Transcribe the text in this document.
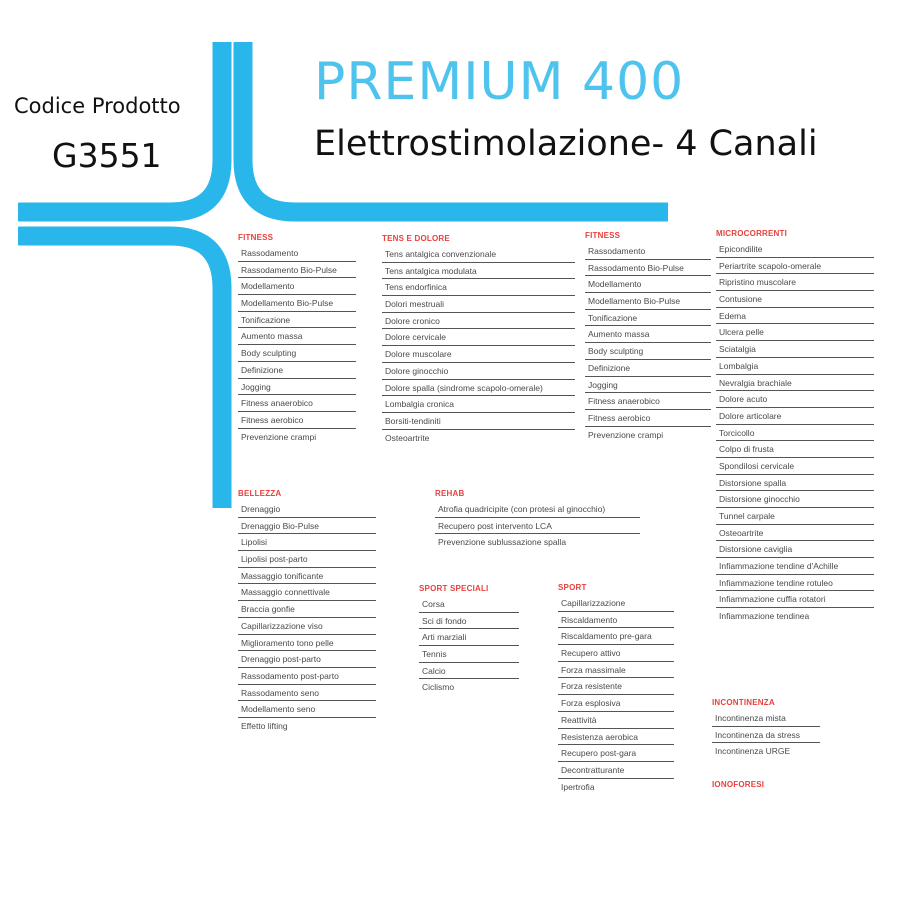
Codice Prodotto
G3551
PREMIUM 400
Elettrostimolazione- 4 Canali
FITNESS
Rassodamento
Rassodamento Bio-Pulse
Modellamento
Modellamento Bio-Pulse
Tonificazione
Aumento massa
Body sculpting
Definizione
Jogging
Fitness anaerobico
Fitness aerobico
Prevenzione crampi
TENS E DOLORE
Tens antalgica convenzionale
Tens antalgica modulata
Tens endorfinica
Dolori mestruali
Dolore cronico
Dolore cervicale
Dolore muscolare
Dolore ginocchio
Dolore spalla (sindrome scapolo-omerale)
Lombalgia cronica
Borsiti-tendiniti
Osteoartrite
FITNESS
Rassodamento
Rassodamento Bio-Pulse
Modellamento
Modellamento Bio-Pulse
Tonificazione
Aumento massa
Body sculpting
Definizione
Jogging
Fitness anaerobico
Fitness aerobico
Prevenzione crampi
MICROCORRENTI
Epicondilite
Periartrite scapolo-omerale
Ripristino muscolare
Contusione
Edema
Ulcera pelle
Sciatalgia
Lombalgia
Nevralgia brachiale
Dolore acuto
Dolore articolare
Torcicollo
Colpo di frusta
Spondilosi cervicale
Distorsione spalla
Distorsione ginocchio
Tunnel carpale
Osteoartrite
Distorsione caviglia
Infiammazione tendine d'Achille
Infiammazione tendine rotuleo
Infiammazione cuffia rotatori
Infiammazione tendinea
BELLEZZA
Drenaggio
Drenaggio Bio-Pulse
Lipolisi
Lipolisi post-parto
Massaggio tonificante
Massaggio connettivale
Braccia gonfie
Capillarizzazione viso
Miglioramento tono pelle
Drenaggio post-parto
Rassodamento post-parto
Rassodamento seno
Modellamento seno
Effetto lifting
REHAB
Atrofia quadricipite (con protesi al ginocchio)
Recupero post intervento LCA
Prevenzione sublussazione spalla
SPORT SPECIALI
Corsa
Sci di fondo
Arti marziali
Tennis
Calcio
Ciclismo
SPORT
Capillarizzazione
Riscaldamento
Riscaldamento pre-gara
Recupero attivo
Forza massimale
Forza resistente
Forza esplosiva
Reattività
Resistenza aerobica
Recupero post-gara
Decontratturante
Ipertrofia
INCONTINENZA
Incontinenza mista
Incontinenza da stress
Incontinenza URGE
IONOFORESI
